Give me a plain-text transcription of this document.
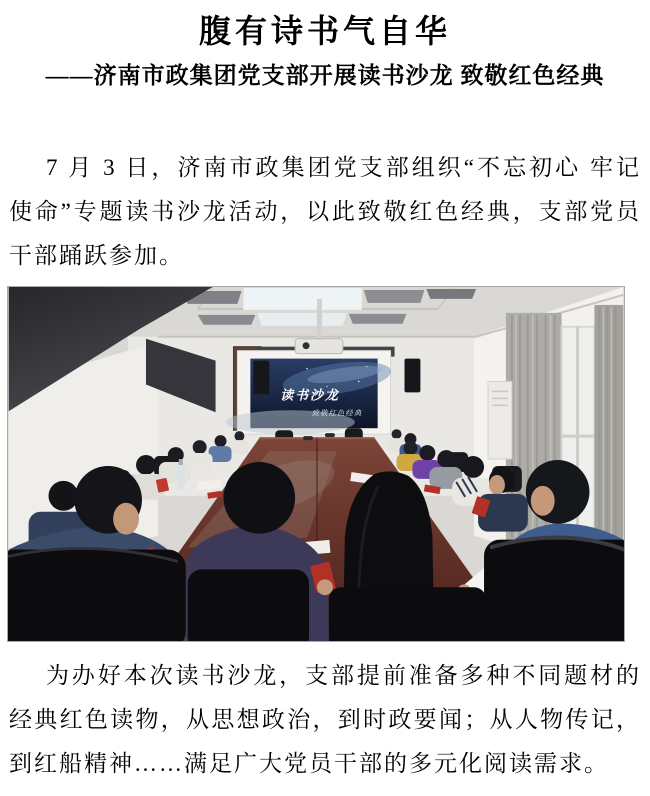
腹有诗书气自华
——济南市政集团党支部开展读书沙龙 致敬红色经典

7 月 3 日，济南市政集团党支部组织“不忘初心 牢记使命”专题读书沙龙活动，以此致敬红色经典，支部党员干部踊跃参加。

读书沙龙
致敬红色经典

为办好本次读书沙龙，支部提前准备多种不同题材的经典红色读物，从思想政治，到时政要闻；从人物传记，到红船精神……满足广大党员干部的多元化阅读需求。
